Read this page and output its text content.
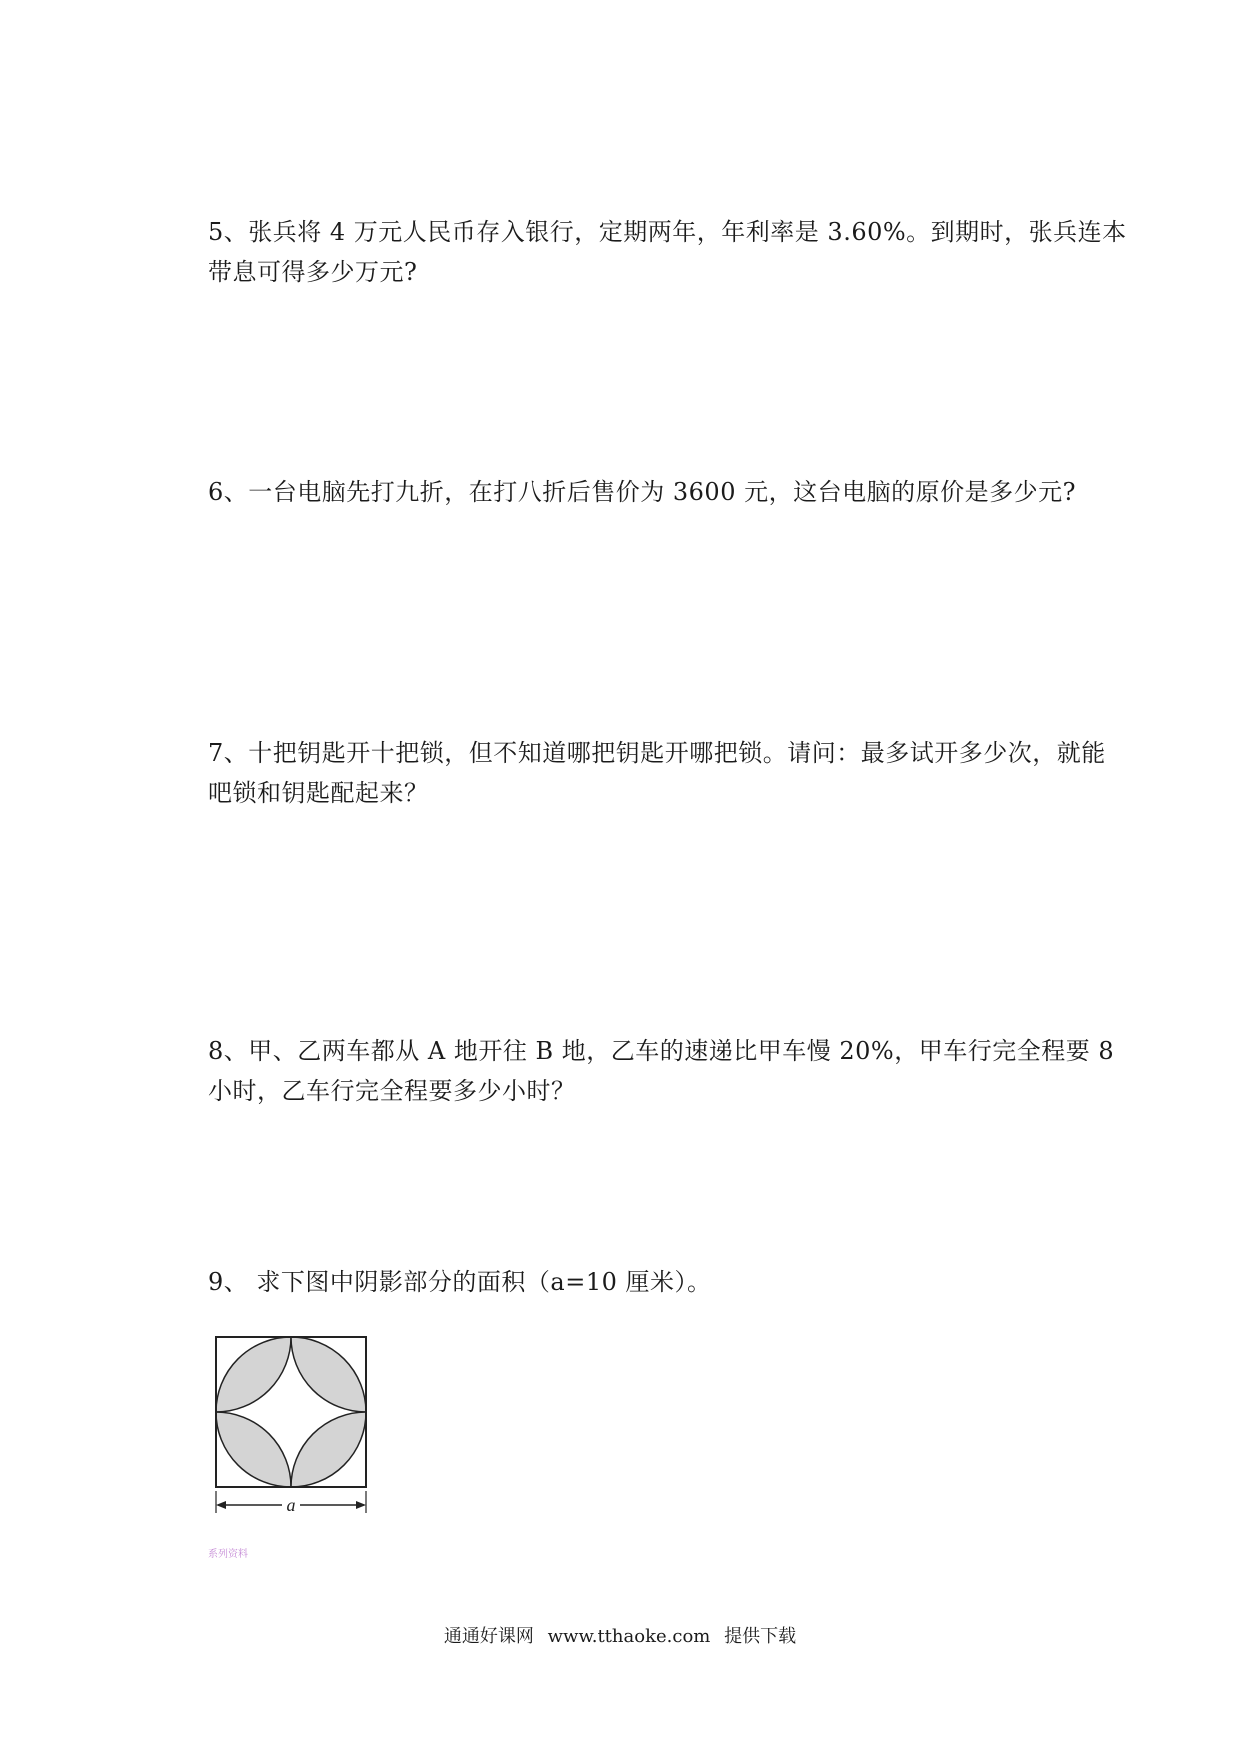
5、张兵将 4 万元人民币存入银行，定期两年，年利率是 3.60%。到期时，张兵连本
带息可得多少万元?
6、一台电脑先打九折，在打八折后售价为 3600 元，这台电脑的原价是多少元?
7、十把钥匙开十把锁，但不知道哪把钥匙开哪把锁。请问：最多试开多少次，就能
吧锁和钥匙配起来？
8、甲、乙两车都从 A 地开往 B 地，乙车的速递比甲车慢 20%，甲车行完全程要 8
小时，乙车行完全程要多少小时？
9、 求下图中阴影部分的面积（a=10 厘米）。
a
系列资料
通通好课网 www.tthaoke.com 提供下载
